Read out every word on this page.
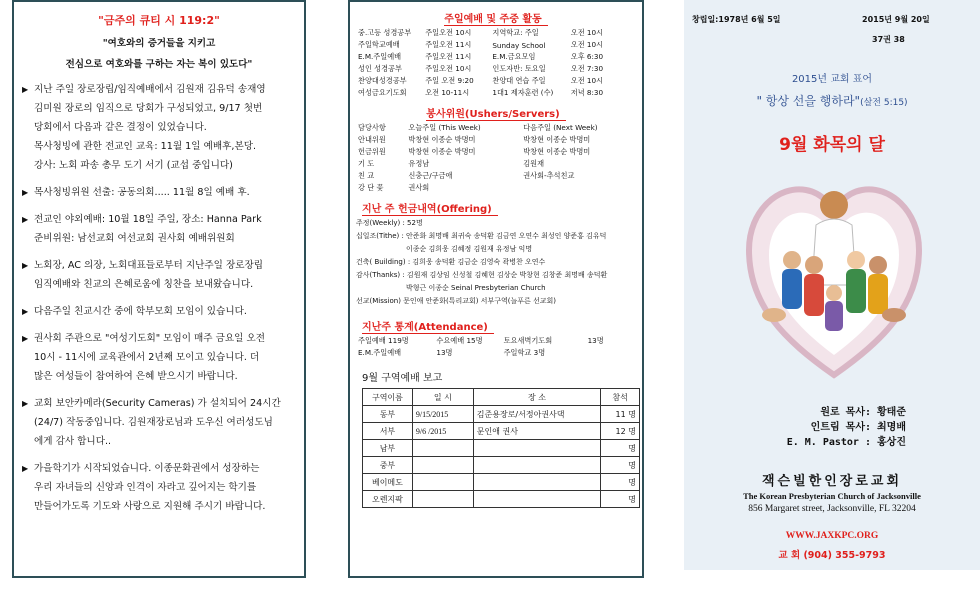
"금주의 큐티 시 119:2"
"여호와의 증거들을 지키고
전심으로 여호와를 구하는 자는 복이 있도다"
▶ 지난 주일 장로장립/임직예배에서 김원재 김유덕 송재영
김미원 장로의 임직으로 당회가 구성되었고, 9/17 첫번
당회에서 다음과 같은 결정이 있었습니다.
목사청빙에 관한 전교인 교육: 11월 1일 예배후,본당.
강사: 노회 파송 총무 도기 서기 (교섭 중입니다)
▶ 목사청빙위원 선출: 공동의회..... 11월 8일 예배 후.
▶ 전교인 야외예배: 10월 18일 주일, 장소: Hanna Park
준비위원: 남선교회 여선교회 권사회 예배위원회
▶ 노회장, AC 의장, 노회대표들로부터 지난주일 장로장립
임직예배와 친교의 은혜로움에 칭찬을 보내왔습니다.
▶ 다음주일 친교시간 중에 학부모회 모임이 있습니다.
▶ 권사회 주관으로 "여성기도회" 모임이 매주 금요일 오전
10시 - 11시에 교육관에서 2년째 모이고 있습니다. 더
많은 여성들이 참여하여 은혜 받으시기 바랍니다.
▶ 교회 보안카메라(Security Cameras) 가 설치되어 24시간
(24/7) 작동중입니다. 김원재장로님과 도우신 여러성도님
에게 감사 합니다..
▶ 가을학기가 시작되었습니다. 이종문화권에서 성장하는
우리 자녀들의 신앙과 인격이 자라고 깊어지는 학기를
만들어가도록 기도와 사랑으로 지원해 주시기 바랍니다.
주일예배 및 주중 활동
중.고등 성경공부	주일오전 10시	지역학교: 주일	오전 10시
주일학교예배	주일오전 11시	Sunday School	오전 10시
E.M.주일예배	주일오전 11시	E.M.금요모임	오후 6:30
성인 성경공부	주일오전 10시	인도자반: 토요일	오전 7:30
찬양대성경공부	주일 오전 9:20	찬양대 연습 주일	오전 10시
여성금요기도회	오전 10-11시	1대1 제자훈련 (수)	저녁 8:30
봉사위원(Ushers/Servers)
담당사항	오늘주일 (This Week)	다음주일 (Next Week)
안내위원	박창현 이종순 박명미	박창현 이종순 박명미
헌금위원	박창현 이종순 박명미	박창현 이종순 박명미
기 도	유정남	김원재
친 교	신충근/구금애	권사회-추석친교
강 단 꽃	권사회	
지난 주 헌금내역(Offering)
주정(Weekly) : 52명
십일조(Tithe) : 안준화 최명배 최귀숙 송덕환 김금연 오연수 최성인 양준홍 김유덕
이종순 김희웅 김혜정 김원재 유정남 익명
건축( Building) : 김희웅 송덕환 김금순 김영숙 곽병찬 오연수
감사(Thanks) : 김원재 김상임 신성철 김혜현 김상순 박창현 김창준 최명배 송덕환
박형근 이종순 Seinal Presbyterian Church
선교(Mission) 문인애 안준화(특리교회) 서부구역(늘푸른 선교회)
지난주 통계(Attendance)
주일예배 119명	수요예배 15명	토요새벽기도회	13명
E.M.주일예배	13명	주일학교 3명	
9월 구역예배 보고
구역이름	일 시	장 소	참석
동부	9/15/2015	김준용장로/서정아권사댁	11 명
서부	9/6 /2015	문인애 권사	12 명
남부			명
중부			명
베이메도			명
오렌지팍			명
창립일:1978년 6월 5일	2015년 9월 20일
37권 38
2015년 교회 표어
" 항상 선을 행하라"(살전 5:15)
9월 화목의 달
원로 목사: 황태준
인트림 목사: 최명배
E. M. Pastor : 홍상진
잭슨빌한인장로교회
The Korean Presbyterian Church of Jacksonville
856 Margaret street, Jacksonville, FL 32204
WWW.JAXKPC.ORG
교 회 (904) 355-9793
